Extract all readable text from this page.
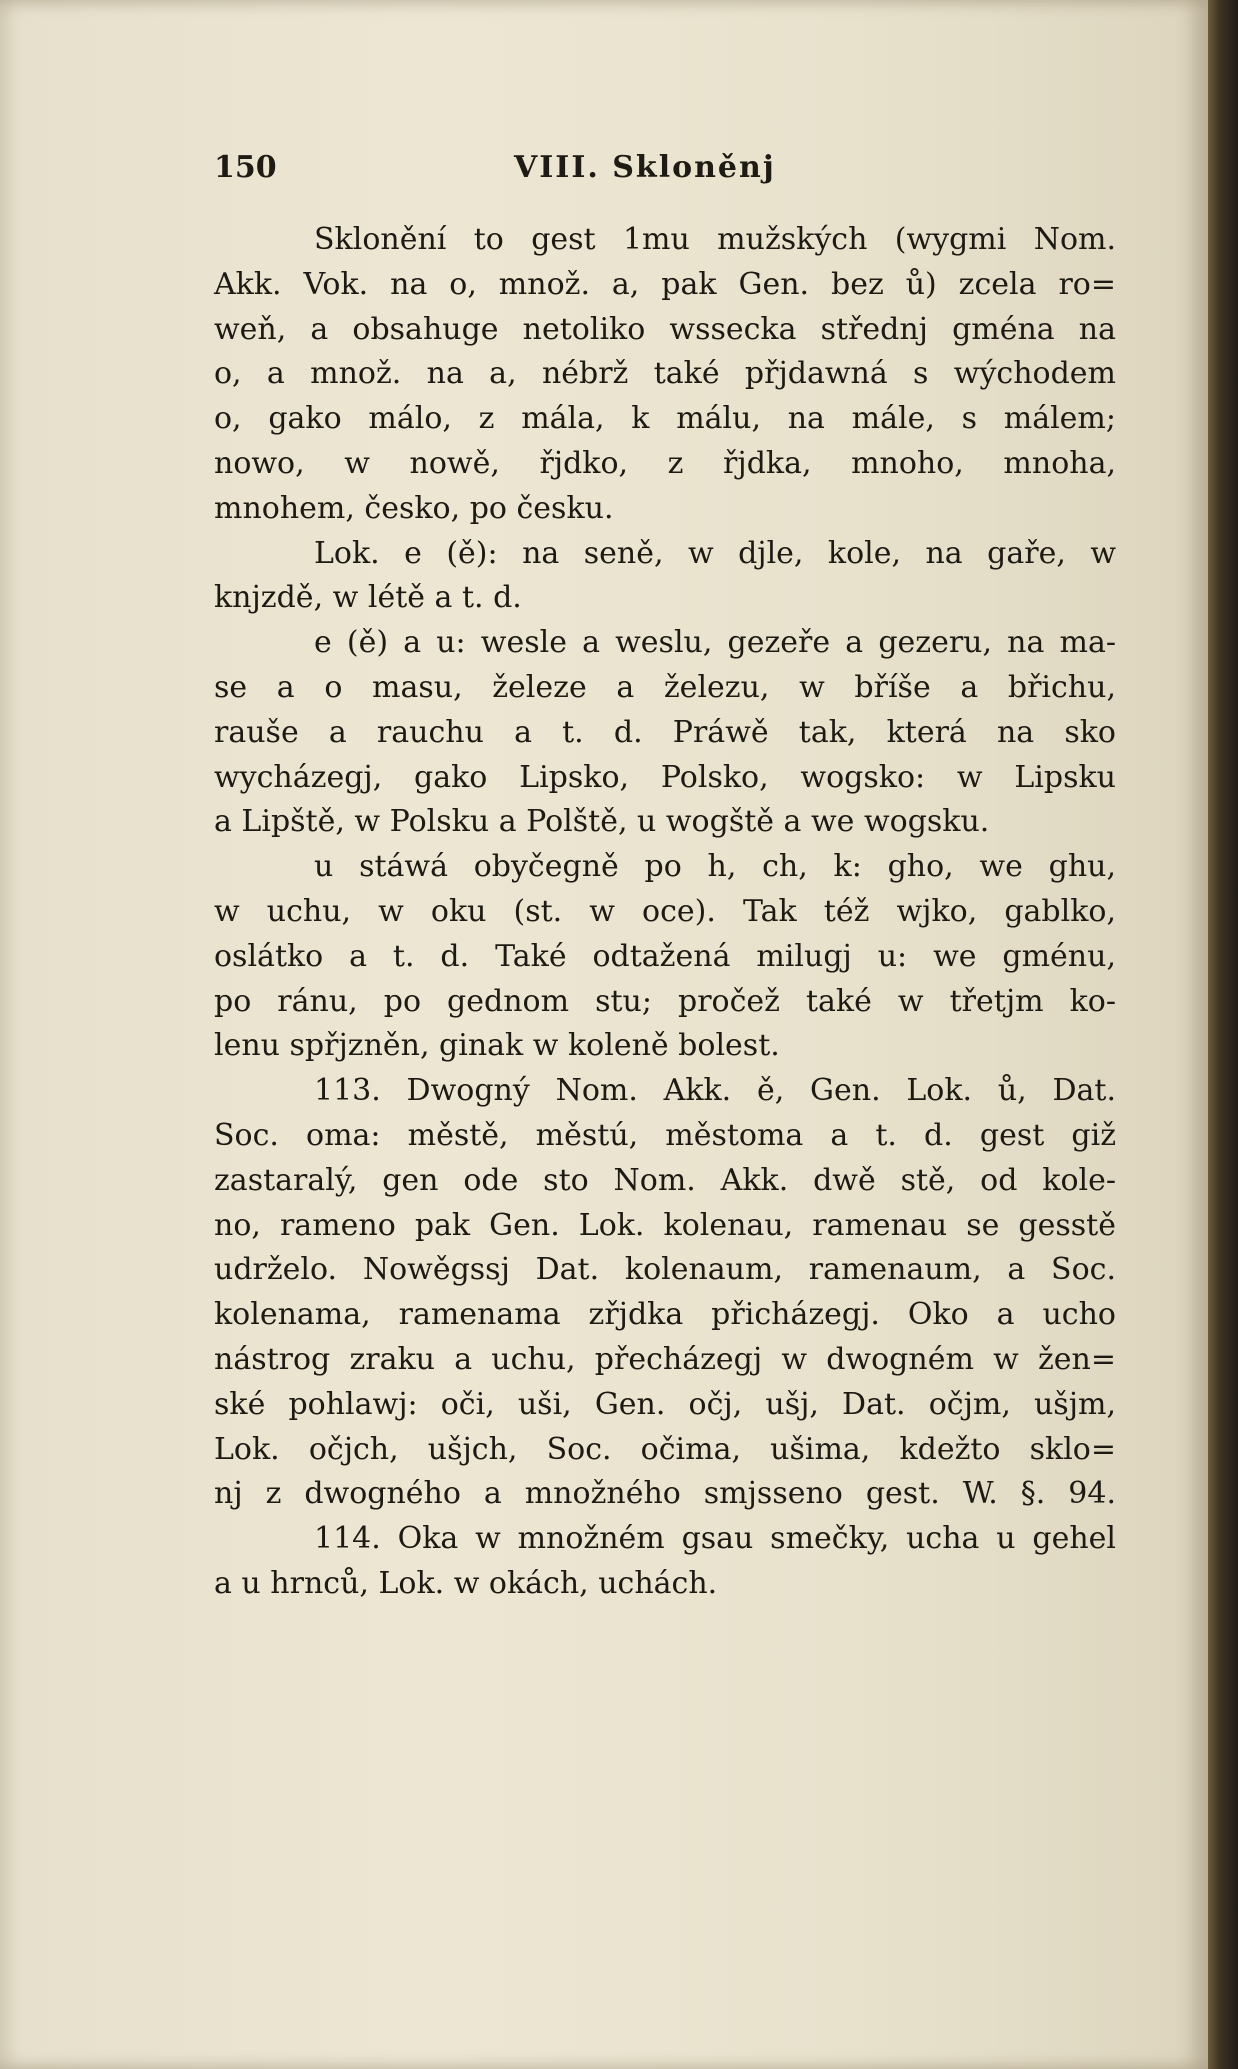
150	VIII. Skloněnj
Sklonění to gest 1mu mužských (wygmi Nom.
Akk. Vok. na o, množ. a, pak Gen. bez ů) zcela ro=
weň, a obsahuge netoliko wssecka střednj gména na
o, a množ. na a, nébrž také přjdawná s wýchodem
o, gako málo, z mála, k málu, na mále, s málem;
nowo, w nowě, řjdko, z řjdka, mnoho, mnoha,
mnohem, česko, po česku.
Lok. e (ě): na seně, w djle, kole, na gaře, w
knjzdě, w létě a t. d.
e (ě) a u: wesle a weslu, gezeře a gezeru, na ma-
se a o masu, železe a železu, w bříše a břichu,
rauše a rauchu a t. d. Práwě tak, která na sko
wycházegj, gako Lipsko, Polsko, wogsko: w Lipsku
a Lipště, w Polsku a Polště, u wogště a we wogsku.
u stáwá obyčegně po h, ch, k: gho, we ghu,
w uchu, w oku (st. w oce). Tak též wjko, gablko,
oslátko a t. d. Také odtažená milugj u: we gménu,
po ránu, po gednom stu; pročež také w třetjm ko-
lenu spřjzněn, ginak w koleně bolest.
113. Dwogný Nom. Akk. ě, Gen. Lok. ů, Dat.
Soc. oma: městě, městú, městoma a t. d. gest giž
zastaralý, gen ode sto Nom. Akk. dwě stě, od kole-
no, rameno pak Gen. Lok. kolenau, ramenau se gesstě
udrželo. Nowěgssj Dat. kolenaum, ramenaum, a Soc.
kolenama, ramenama zřjdka přicházegj. Oko a ucho
nástrog zraku a uchu, přecházegj w dwogném w žen=
ské pohlawj: oči, uši, Gen. očj, ušj, Dat. očjm, ušjm,
Lok. očjch, ušjch, Soc. očima, ušima, kdežto sklo=
nj z dwogného a množného smjsseno gest. W. §. 94.
114. Oka w množném gsau smečky, ucha u gehel
a u hrnců, Lok. w okách, uchách.
